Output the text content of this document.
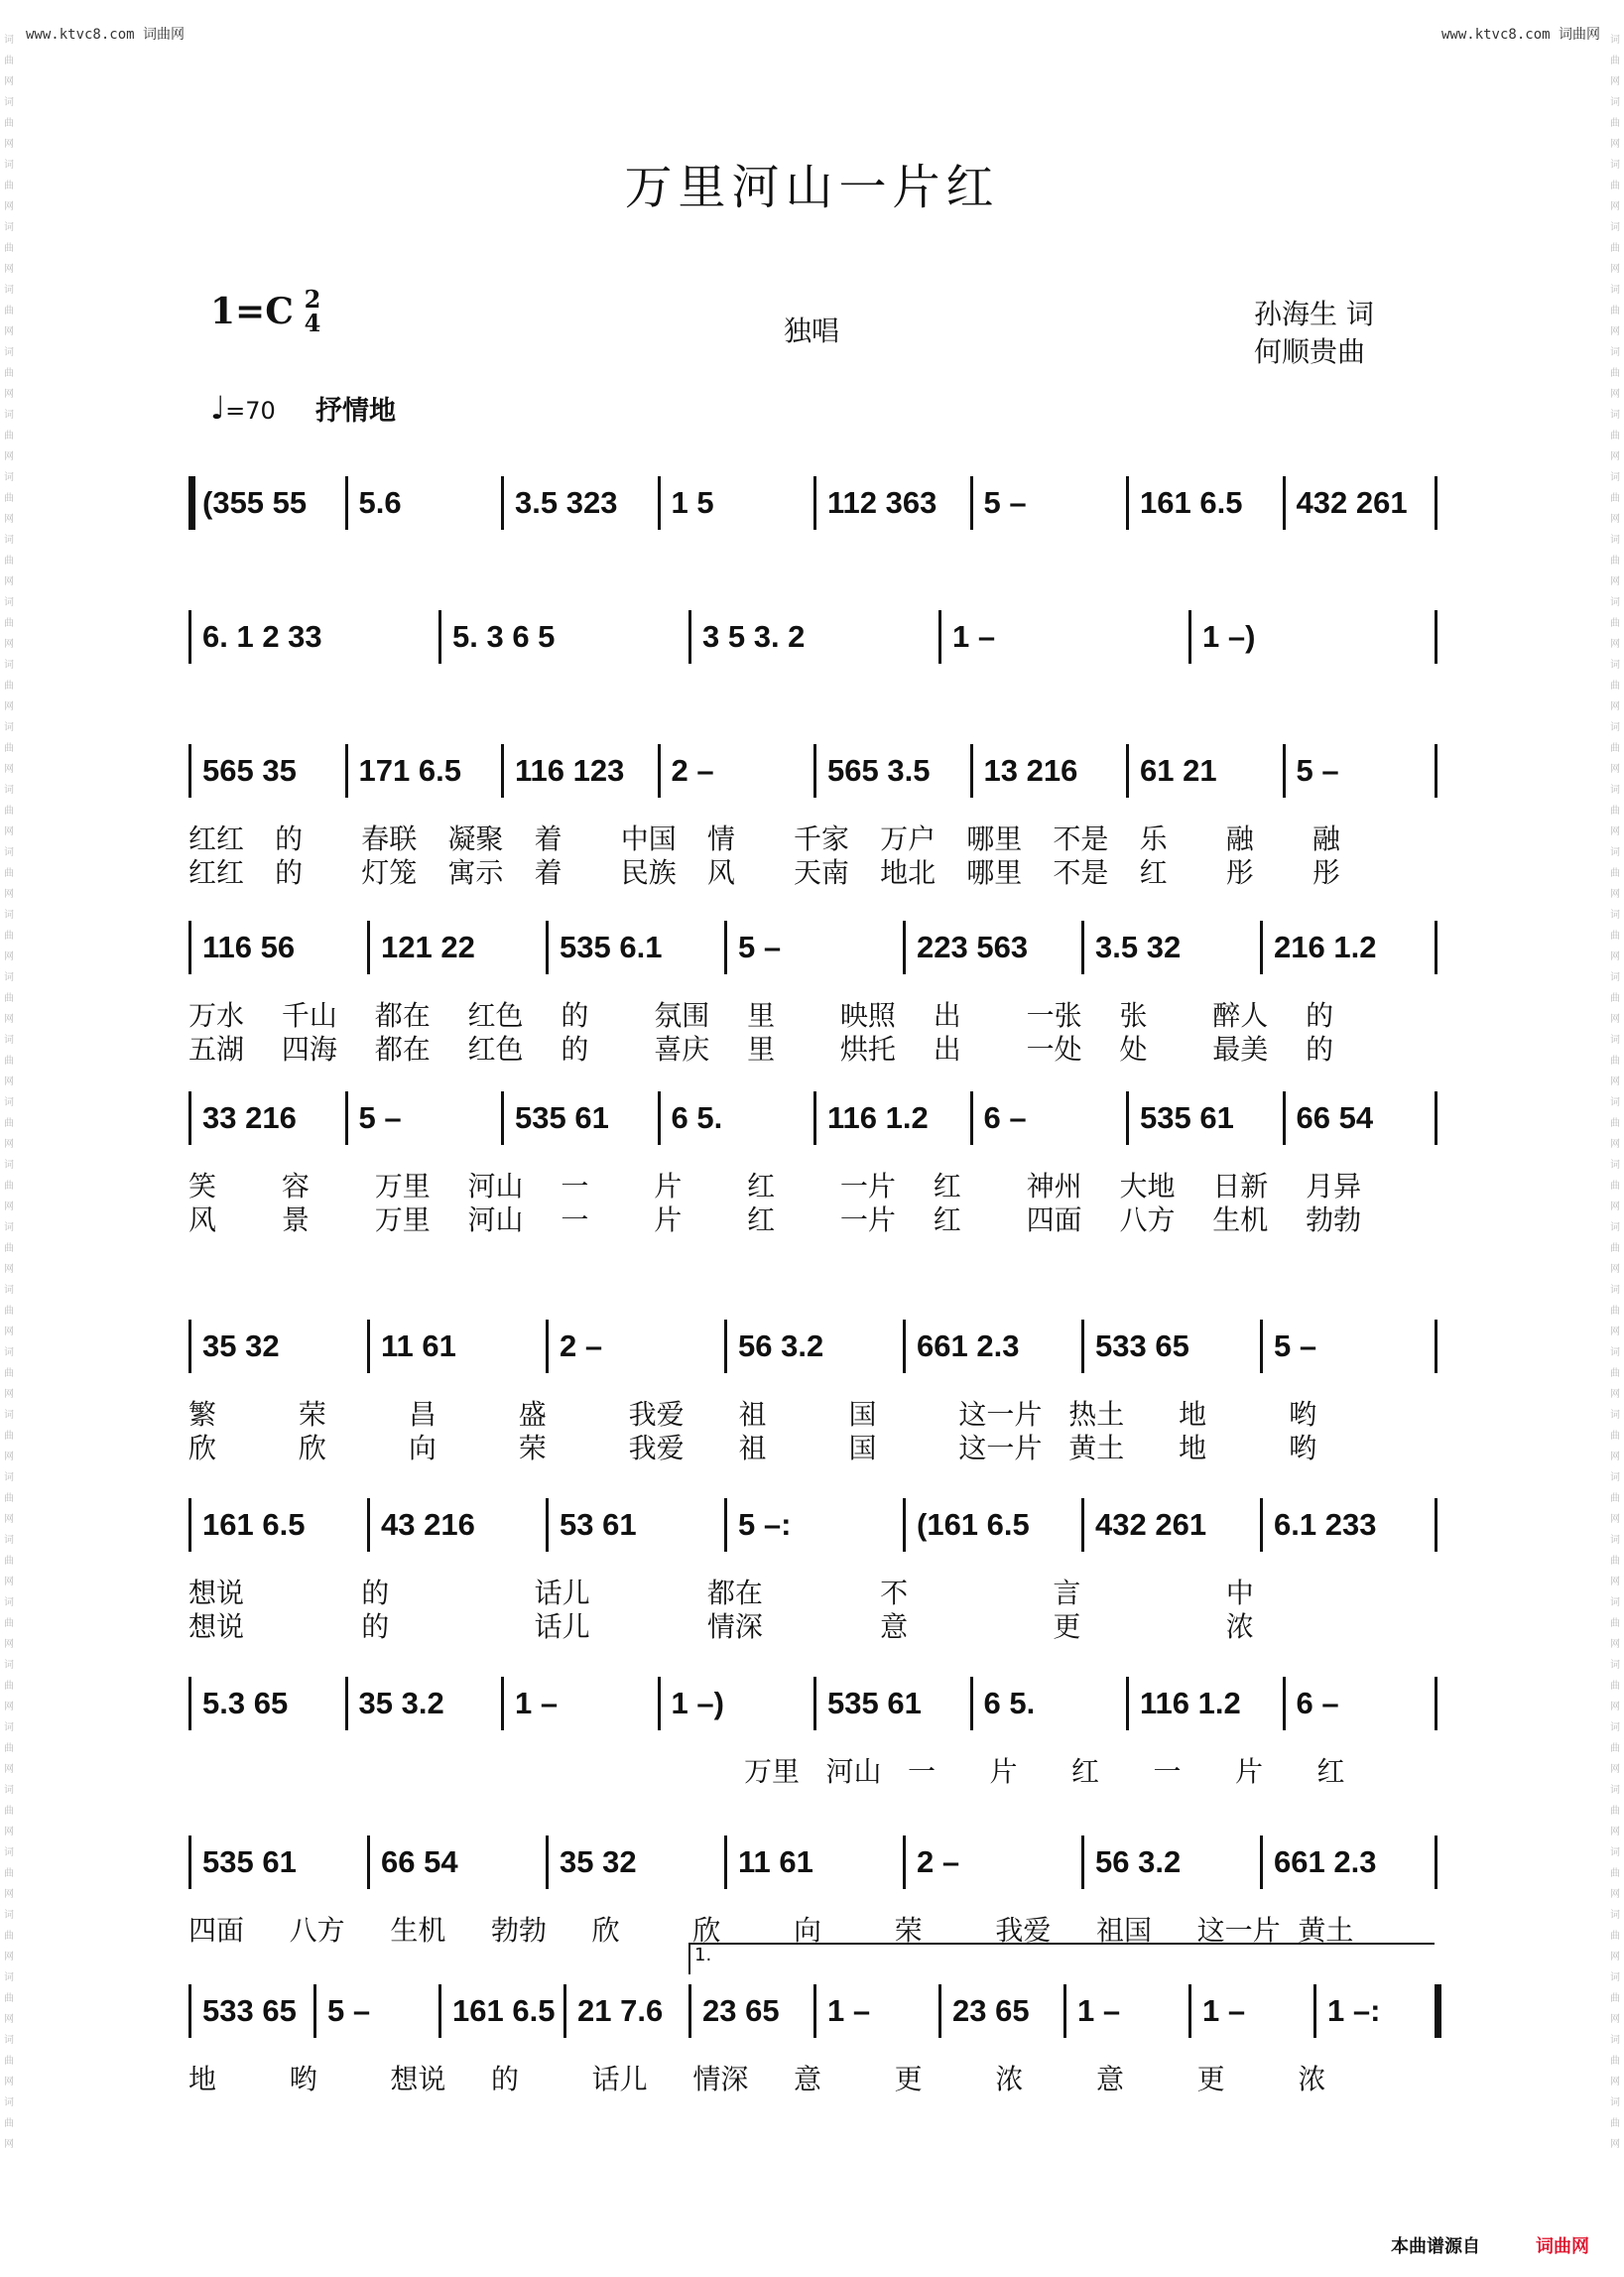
www.ktvc8.com 词曲网	www.ktvc8.com 词曲网
词曲网词曲网词曲网词曲网词曲网词曲网词曲网词曲网词曲网词曲网词曲网词曲网词曲网词曲网词曲网词曲网词曲网词曲网词曲网词曲网词曲网词曲网词曲网词曲网词曲网词曲网词曲网词曲网词曲网词曲网词曲网词曲网词曲网词曲网
词曲网词曲网词曲网词曲网词曲网词曲网词曲网词曲网词曲网词曲网词曲网词曲网词曲网词曲网词曲网词曲网词曲网词曲网词曲网词曲网词曲网词曲网词曲网词曲网词曲网词曲网词曲网词曲网词曲网词曲网词曲网词曲网词曲网词曲网
万里河山一片红
1=C 2
4	独唱
孙海生 词
何顺贵曲
♩=70 抒情地
(355 55	5.6	3.5 323	1 5	112 363	5 –	161 6.5	432 261
6. 1 2 33	5. 3 6 5	3 5 3. 2	1 –	1 –)
565 35	171 6.5	116 123	2 –	565 3.5	13 216	61 21	5 –
红红 的 春联 凝聚 着 中国 情 千家 万户 哪里 不是 乐 融 融
红红 的 灯笼 寓示 着 民族 风 天南 地北 哪里 不是 红 彤 彤
116 56	121 22	535 6.1	5 –	223 563	3.5 32	216 1.2
万水 千山 都在 红色 的 氛围 里 映照 出 一张 张 醉人 的
五湖 四海 都在 红色 的 喜庆 里 烘托 出 一处 处 最美 的
33 216	5 –	535 61	6 5.	116 1.2	6 –	535 61	66 54
笑 容 万里 河山 一 片 红 一片 红 神州 大地 日新 月异
风 景 万里 河山 一 片 红 一片 红 四面 八方 生机 勃勃
35 32	11 61	2 –	56 3.2	661 2.3	533 65	5 –
繁	荣	昌	盛	我爱 祖	国	这一片 热土 地	哟
欣	欣	向	荣	我爱 祖	国	这一片 黄土 地	哟
161 6.5	43 216	53 61	5 –:	(161 6.5	432 261	6.1 233
想说	的	话儿	都在	不	言	中
想说	的	话儿	情深	意	更	浓
5.3 65	35 3.2	1 –	1 –)	535 61	6 5.	116 1.2	6 –
万里 河山 一 片 红 一 片 红
535 61	66 54	35 32	11 61	2 –	56 3.2	661 2.3
四面 八方 生机 勃勃 欣	欣	向	荣	我爱 祖国 这一片 黄土
533 65	5 –	161 6.5 21 7.6	23 65	1 –	23 65	1 –	1 –	1 –:
地	哟	想说 的	话儿 情深 意	更	浓	意	更	浓
1.
本曲谱源自	词曲网
